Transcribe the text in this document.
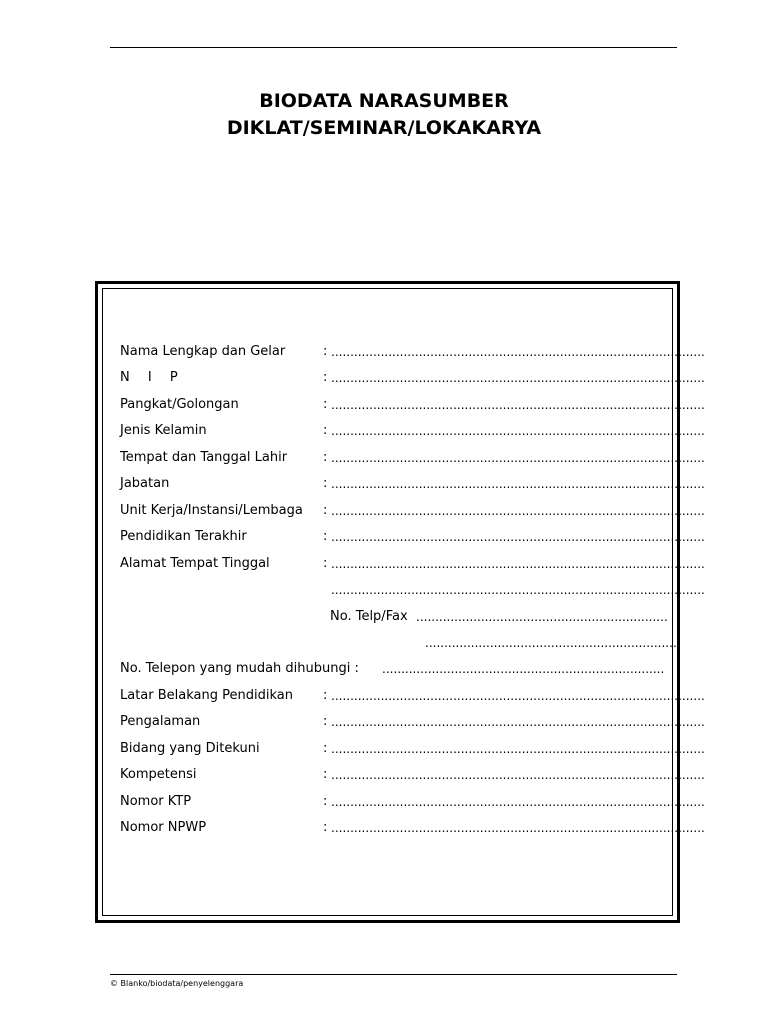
BIODATA NARASUMBER
DIKLAT/SEMINAR/LOKAKARYA
Nama Lengkap dan Gelar	: ..................................................................................................
N I P	: ..................................................................................................
Pangkat/Golongan	: ..................................................................................................
Jenis Kelamin	: ..................................................................................................
Tempat dan Tanggal Lahir	: ..................................................................................................
Jabatan	: ..................................................................................................
Unit Kerja/Instansi/Lembaga : ..................................................................................................
Pendidikan Terakhir	: ..................................................................................................
Alamat Tempat Tinggal	: ..................................................................................................
..................................................................................................
No. Telp/Fax ..................................................................
..................................................................
No. Telepon yang mudah dihubungi : ..........................................................................
Latar Belakang Pendidikan : ..................................................................................................
Pengalaman	: ..................................................................................................
Bidang yang Ditekuni	: ..................................................................................................
Kompetensi	: ..................................................................................................
Nomor KTP	: ..................................................................................................
Nomor NPWP	: ..................................................................................................
© Blanko/biodata/penyelenggara
